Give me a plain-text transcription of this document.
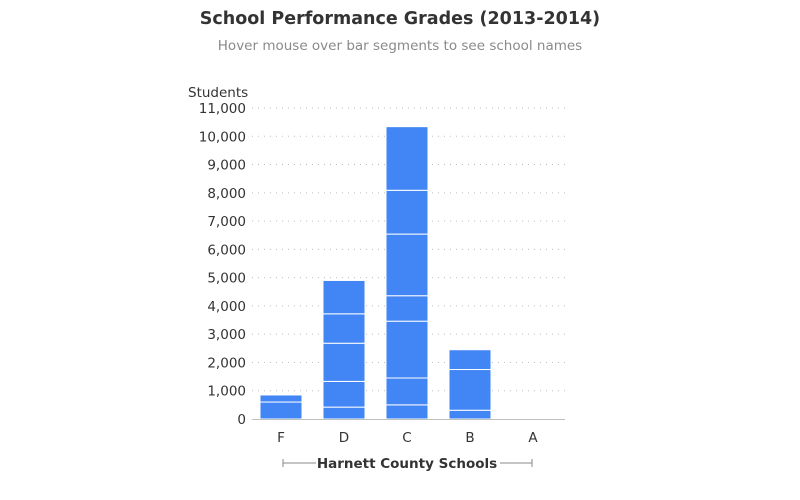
School Performance Grades (2013-2014)
Hover mouse over bar segments to see school names
0
1,000
2,000
3,000
4,000
5,000
6,000
7,000
8,000
9,000
10,000
11,000
Students
F	D	C	B	A
Harnett County Schools
